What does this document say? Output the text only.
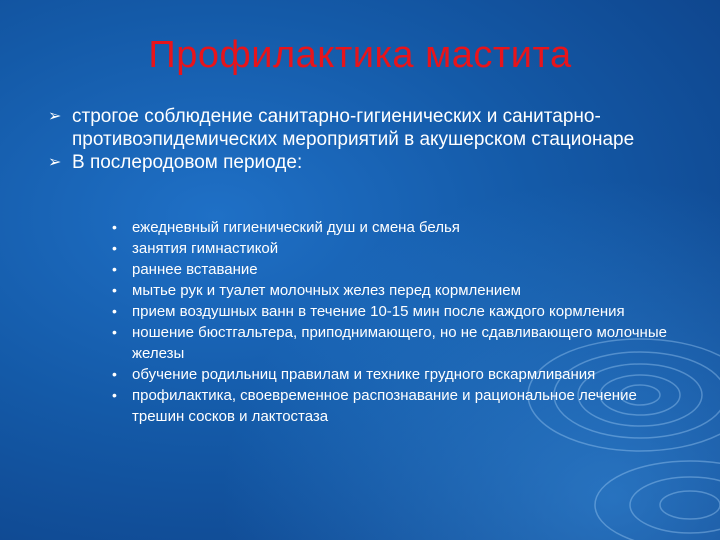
Профилактика мастита
➢ строгое соблюдение санитарно-гигиенических и санитарно-противоэпидемических мероприятий в акушерском стационаре
➢ В послеродовом периоде:
• ежедневный гигиенический душ и смена белья
• занятия гимнастикой
• раннее вставание
• мытье рук и туалет молочных желез перед кормлением
• прием воздушных ванн в течение 10-15 мин после каждого кормления
• ношение бюстгальтера, приподнимающего, но не сдавливающего молочные железы
• обучение родильниц правилам и технике грудного вскармливания
• профилактика, своевременное распознавание и рациональное лечение трешин сосков и лактостаза
